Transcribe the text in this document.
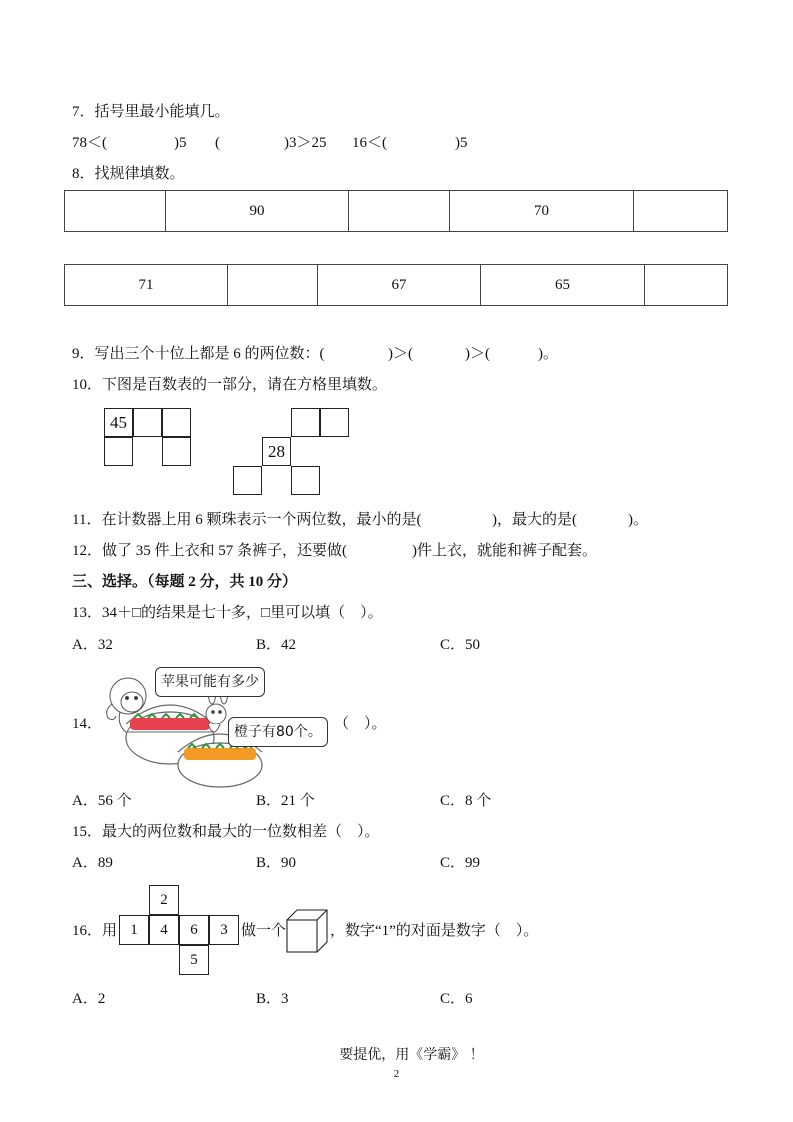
7．括号里最小能填几。
78＜(	)5 (	)3＞25 16＜(	)5
8．找规律填数。
	90		70	
71		67	65	
9．写出三个十位上都是 6 的两位数：(	)＞(	)＞(	)。
10．下图是百数表的一部分，请在方格里填数。
45
28
11．在计数器上用 6 颗珠表示一个两位数，最小的是(	)，最大的是(	)。
12．做了 35 件上衣和 57 条裤子，还要做(	)件上衣，就能和裤子配套。
三、选择。（每题 2 分，共 10 分）
13．34＋□的结果是七十多，□里可以填（　）。
A．32	B．42	C．50
14．
苹果可能有多少
橙子有80个。 （　）。
A．56 个	B．21 个	C．8 个
15．最大的两位数和最大的一位数相差（　）。
A．89	B．90	C．99
16．用
2
1	4	6	3
5
做一个	，数字“1”的对面是数字（　）。
A．2	B．3	C．6
要提优，用《学霸》 ！
2
